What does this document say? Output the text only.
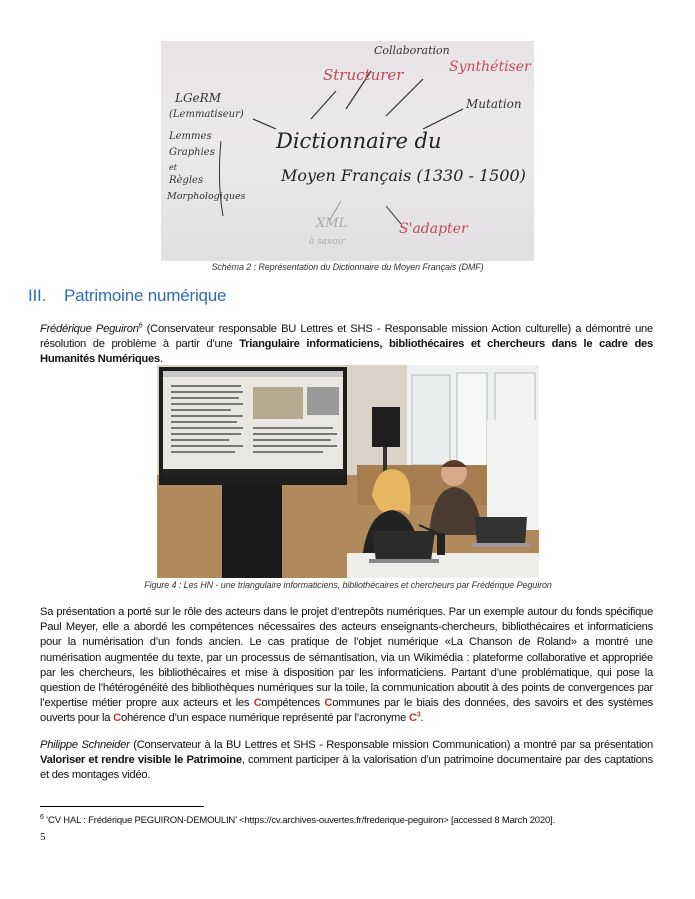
Collaboration
Structurer	Synthétiser
Mutation
LGeRM
(Lemmatiseur)
Lemmes
Graphies
et
Règles
Morphologiques
Dictionnaire du
Moyen Français (1330 - 1500)
XML
à savoir
S'adapter
Schéma 2 : Représentation du Dictionnaire du Moyen Français (DMF)
III. Patrimoine numérique
Frédérique Peguiron$^6$ (Conservateur responsable BU Lettres et SHS - Responsable mission Action culturelle) a démontré une résolution de problème à partir d’une Triangulaire informaticiens, bibliothécaires et chercheurs dans le cadre des Humanités Numériques.
Figure 4 : Les HN - une triangulaire informaticiens, bibliothécaires et chercheurs par Frédérique Peguiron
Sa présentation a porté sur le rôle des acteurs dans le projet d’entrepôts numériques. Par un exemple autour du fonds spécifique Paul Meyer, elle a abordé les compétences nécessaires des acteurs enseignants-chercheurs, bibliothécaires et informaticiens pour la numérisation d’un fonds ancien. Le cas pratique de l’objet numérique «La Chanson de Roland» a montré une numérisation augmentée du texte, par un processus de sémantisation, via un Wikimédia : plateforme collaborative et appropriée par les chercheurs, les bibliothécaires et mise à disposition par les informaticiens. Partant d’une problématique, qui pose la question de l’hétérogénéité des bibliothèques numériques sur la toile, la communication aboutit à des points de convergences par l’expertise métier propre aux acteurs et les Compétences Communes par le biais des données, des savoirs et des systèmes ouverts pour la Cohérence d’un espace numérique représenté par l’acronyme $C^3$.
Philippe Schneider (Conservateur à la BU Lettres et SHS - Responsable mission Communication) a montré par sa présentation Valoriser et rendre visible le Patrimoine, comment participer à la valorisation d’un patrimoine documentaire par des captations et des montages vidéo.
$^6$ ‘CV HAL : Frédérique PEGUIRON-DEMOULIN’ <https://cv.archives-ouvertes.fr/frederique-peguiron> [accessed 8 March 2020].
5
